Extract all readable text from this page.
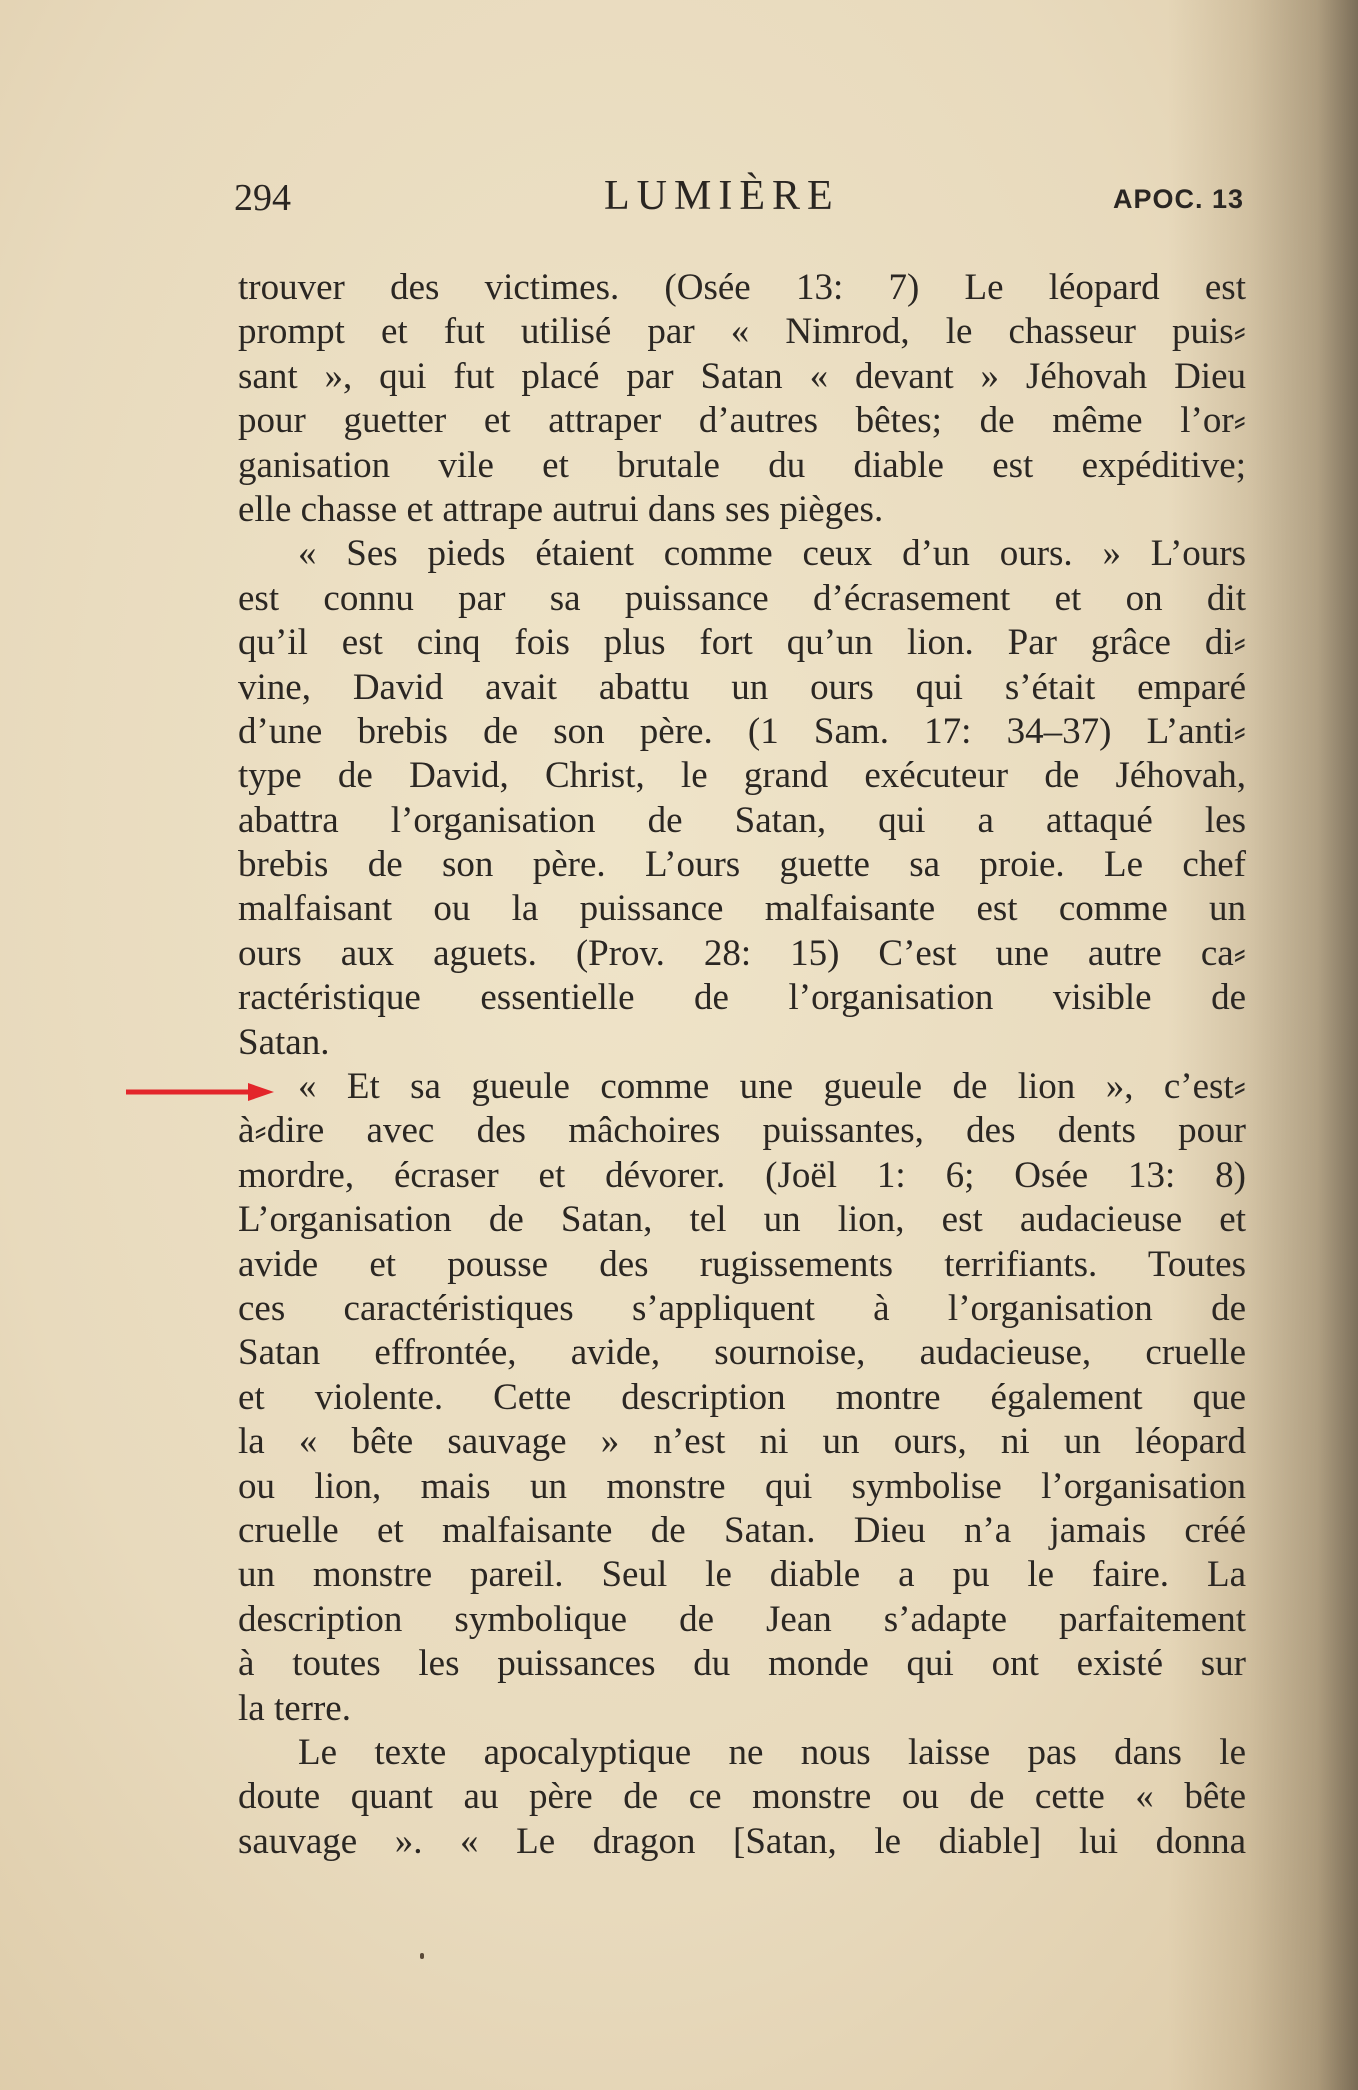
294	LUMIÈRE	APOC. 13
trouver des victimes. (Osée 13: 7) Le léopard est
prompt et fut utilisé par « Nimrod, le chasseur puis⸗
sant », qui fut placé par Satan « devant » Jéhovah Dieu
pour guetter et attraper d’autres bêtes; de même l’or⸗
ganisation vile et brutale du diable est expéditive;
elle chasse et attrape autrui dans ses pièges.
« Ses pieds étaient comme ceux d’un ours. » L’ours
est connu par sa puissance d’écrasement et on dit
qu’il est cinq fois plus fort qu’un lion. Par grâce di⸗
vine, David avait abattu un ours qui s’était emparé
d’une brebis de son père. (1 Sam. 17: 34–37) L’anti⸗
type de David, Christ, le grand exécuteur de Jéhovah,
abattra l’organisation de Satan, qui a attaqué les
brebis de son père. L’ours guette sa proie. Le chef
malfaisant ou la puissance malfaisante est comme un
ours aux aguets. (Prov. 28: 15) C’est une autre ca⸗
ractéristique essentielle de l’organisation visible de
Satan.
« Et sa gueule comme une gueule de lion », c’est⸗
à⸗dire avec des mâchoires puissantes, des dents pour
mordre, écraser et dévorer. (Joël 1: 6; Osée 13: 8)
L’organisation de Satan, tel un lion, est audacieuse et
avide et pousse des rugissements terrifiants. Toutes
ces caractéristiques s’appliquent à l’organisation de
Satan effrontée, avide, sournoise, audacieuse, cruelle
et violente. Cette description montre également que
la « bête sauvage » n’est ni un ours, ni un léopard
ou lion, mais un monstre qui symbolise l’organisation
cruelle et malfaisante de Satan. Dieu n’a jamais créé
un monstre pareil. Seul le diable a pu le faire. La
description symbolique de Jean s’adapte parfaitement
à toutes les puissances du monde qui ont existé sur
la terre.
Le texte apocalyptique ne nous laisse pas dans le
doute quant au père de ce monstre ou de cette « bête
sauvage ». « Le dragon [Satan, le diable] lui donna
